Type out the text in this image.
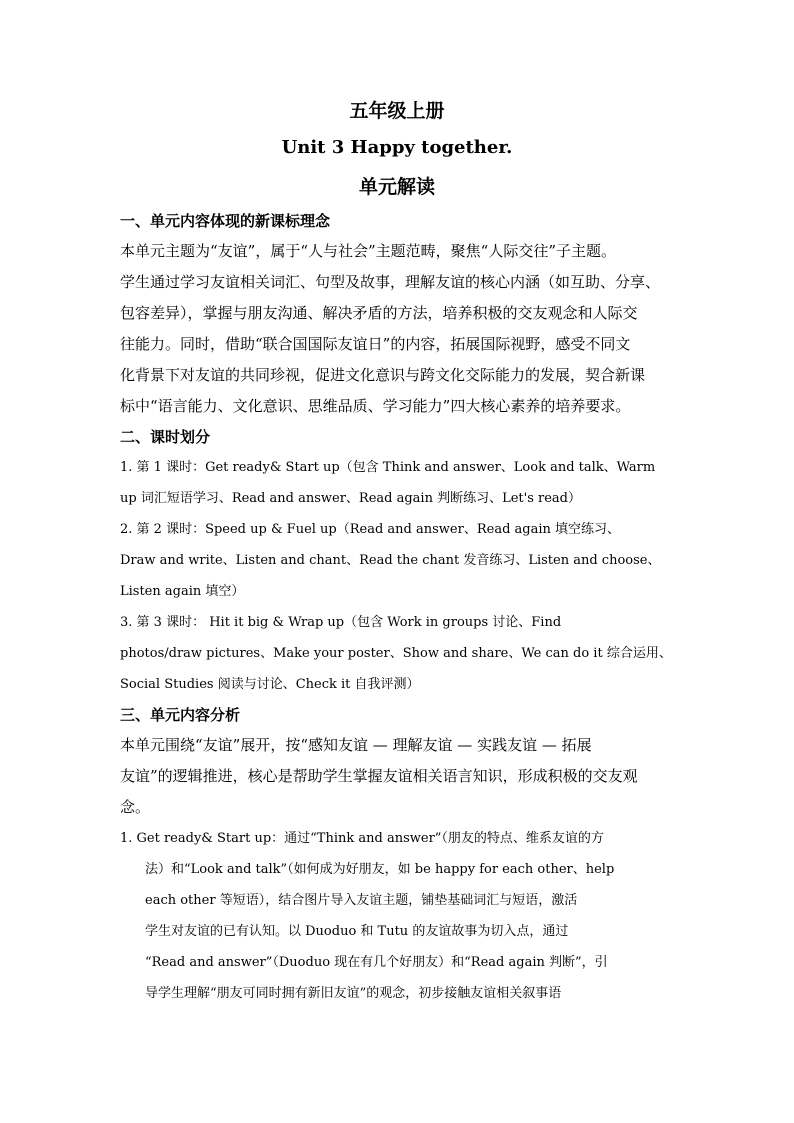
五年级上册
Unit 3 Happy together.
单元解读
一、单元内容体现的新课标理念
本单元主题为“友谊”，属于“人与社会”主题范畴，聚焦“人际交往”子主题。
学生通过学习友谊相关词汇、句型及故事，理解友谊的核心内涵（如互助、分享、
包容差异），掌握与朋友沟通、解决矛盾的方法，培养积极的交友观念和人际交
往能力。同时，借助“联合国国际友谊日”的内容，拓展国际视野，感受不同文
化背景下对友谊的共同珍视，促进文化意识与跨文化交际能力的发展，契合新课
标中“语言能力、文化意识、思维品质、学习能力”四大核心素养的培养要求。
二、课时划分
1. 第 1 课时：Get ready& Start up（包含 Think and answer、Look and talk、Warm
up 词汇短语学习、Read and answer、Read again 判断练习、Let's read）
2. 第 2 课时：Speed up & Fuel up（Read and answer、Read again 填空练习、
Draw and write、Listen and chant、Read the chant 发音练习、Listen and choose、
Listen again 填空）
3. 第 3 课时： Hit it big & Wrap up（包含 Work in groups 讨论、Find
photos/draw pictures、Make your poster、Show and share、We can do it 综合运用、
Social Studies 阅读与讨论、Check it 自我评测）
三、单元内容分析
本单元围绕“友谊”展开，按“感知友谊 — 理解友谊 — 实践友谊 — 拓展
友谊”的逻辑推进，核心是帮助学生掌握友谊相关语言知识，形成积极的交友观
念。
1. Get ready& Start up：通过“Think and answer”（朋友的特点、维系友谊的方
法）和“Look and talk”（如何成为好朋友，如 be happy for each other、help
each other 等短语），结合图片导入友谊主题，铺垫基础词汇与短语，激活
学生对友谊的已有认知。以 Duoduo 和 Tutu 的友谊故事为切入点，通过
“Read and answer”（Duoduo 现在有几个好朋友）和“Read again 判断”，引
导学生理解“朋友可同时拥有新旧友谊”的观念，初步接触友谊相关叙事语
